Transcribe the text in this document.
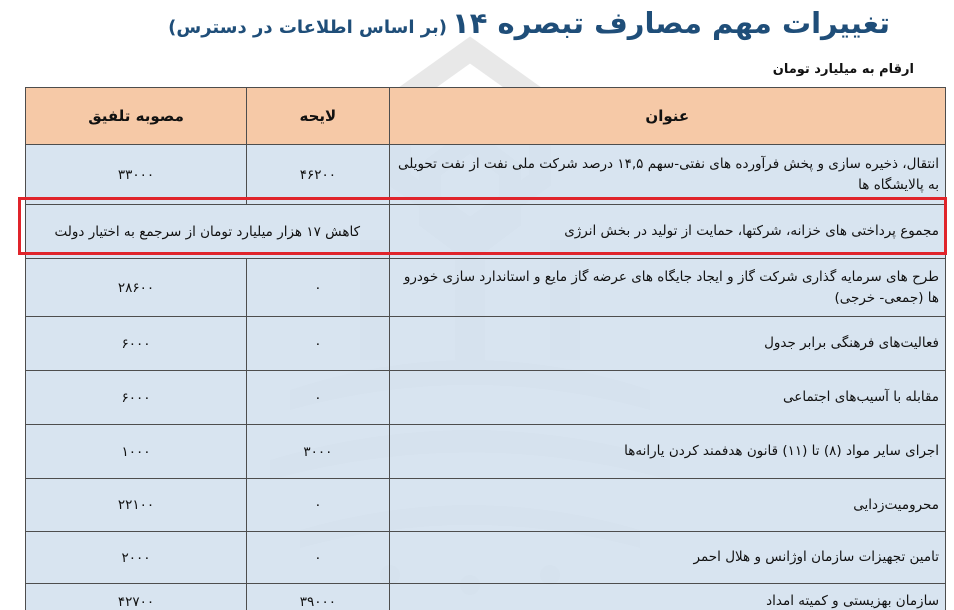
تغییرات مهم مصارف تبصره ۱۴ (بر اساس اطلاعات در دسترس)
ارقام به میلیارد تومان
عنوان	لایحه	مصوبه تلفیق
انتقال، ذخیره سازی و پخش فرآورده های نفتی-سهم ۱۴,۵ درصد شرکت ملی نفت از نفت تحویلی به پالایشگاه ها	۴۶۲۰۰	۳۳۰۰۰
مجموع پرداختی های خزانه، شرکتها، حمایت از تولید در بخش انرژی	کاهش ۱۷ هزار میلیارد تومان از سرجمع به اختیار دولت	
طرح های سرمایه گذاری شرکت گاز و ایجاد جایگاه های عرضه گاز مایع و استاندارد سازی خودرو ها (جمعی- خرجی)	۰	۲۸۶۰۰
فعالیت‌های فرهنگی برابر جدول	۰	۶۰۰۰
مقابله با آسیب‌های اجتماعی	۰	۶۰۰۰
اجرای سایر مواد (۸) تا (۱۱) قانون هدفمند کردن یارانه‌ها	۳۰۰۰	۱۰۰۰
محرومیت‌زدایی	۰	۲۲۱۰۰
تامین تجهیزات سازمان اوژانس و هلال احمر	۰	۲۰۰۰
سازمان بهزیستی و کمیته امداد	۳۹۰۰۰	۴۲۷۰۰
